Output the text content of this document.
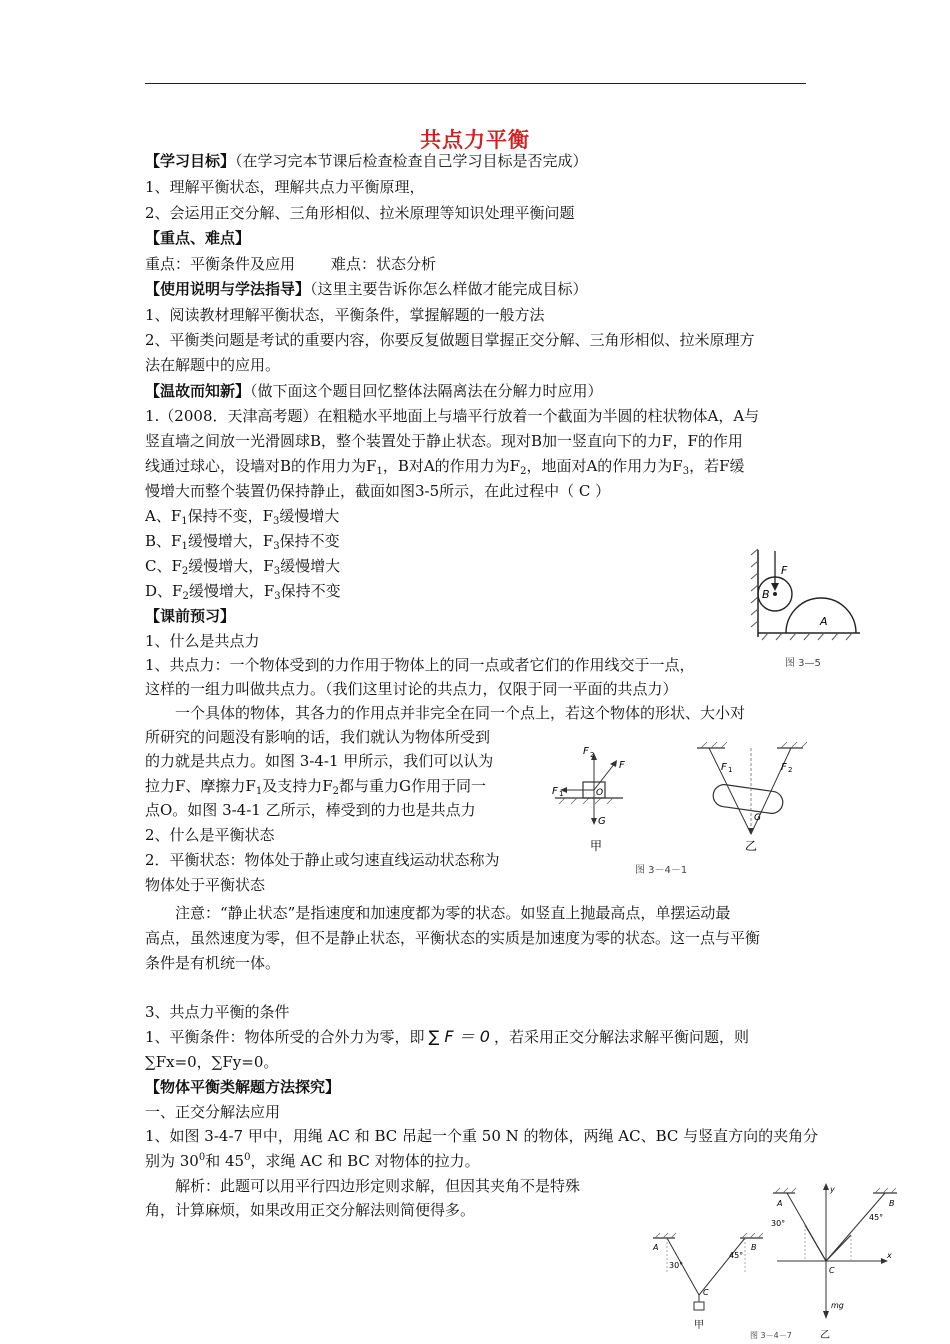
共点力平衡
【学习目标】（在学习完本节课后检查检查自己学习目标是否完成）
1、理解平衡状态，理解共点力平衡原理，
2、会运用正交分解、三角形相似、拉米原理等知识处理平衡问题
【重点、难点】
重点：平衡条件及应用 难点：状态分析
【使用说明与学法指导】（这里主要告诉你怎么样做才能完成目标）
1、阅读教材理解平衡状态，平衡条件，掌握解题的一般方法
2、平衡类问题是考试的重要内容，你要反复做题目掌握正交分解、三角形相似、拉米原理方
法在解题中的应用。
【温故而知新】（做下面这个题目回忆整体法隔离法在分解力时应用）
1.（2008．天津高考题）在粗糙水平地面上与墙平行放着一个截面为半圆的柱状物体A，A与
竖直墙之间放一光滑圆球B，整个装置处于静止状态。现对B加一竖直向下的力F，F的作用
线通过球心，设墙对B的作用力为$F_1$，B对A的作用力为$F_2$，地面对A的作用力为$F_3$，若F缓
慢增大而整个装置仍保持静止，截面如图3-5所示，在此过程中（ C ）
A、$F_1$保持不变，$F_3$缓慢增大
B、$F_1$缓慢增大，$F_3$保持不变
C、$F_2$缓慢增大，$F_3$缓慢增大
D、$F_2$缓慢增大，$F_3$保持不变
F
B
A
图 3—5
【课前预习】
1、什么是共点力
1、共点力：一个物体受到的力作用于物体上的同一点或者它们的作用线交于一点，
这样的一组力叫做共点力。（我们这里讨论的共点力，仅限于同一平面的共点力）
一个具体的物体，其各力的作用点并非完全在同一个点上，若这个物体的形状、大小对
所研究的问题没有影响的话，我们就认为物体所受到
的力就是共点力。如图 3-4-1 甲所示，我们可以认为
拉力F、摩擦力$F_1$及支持力$F_2$都与重力G作用于同一
点O。如图 3-4-1 乙所示，棒受到的力也是共点力
2、什么是平衡状态
2．平衡状态：物体处于静止或匀速直线运动状态称为
物体处于平衡状态
F 2
F
F 1	O
G
甲
F 1	F 2
G
乙
图 3－4－1
注意：“静止状态”是指速度和加速度都为零的状态。如竖直上抛最高点，单摆运动最
高点，虽然速度为零，但不是静止状态，平衡状态的实质是加速度为零的状态。这一点与平衡
条件是有机统一体。
3、共点力平衡的条件
1、平衡条件：物体所受的合外力为零，即 ∑ F ＝ 0 ，若采用正交分解法求解平衡问题，则
∑Fx=0，∑Fy=0。
【物体平衡类解题方法探究】
一、正交分解法应用
1、如图 3-4-7 甲中，用绳 AC 和 BC 吊起一个重 50 N 的物体，两绳 AC、BC 与竖直方向的夹角分
别为 $30^0$和 $45^0$，求绳 AC 和 BC 对物体的拉力。
解析：此题可以用平行四边形定则求解，但因其夹角不是特殊
角，计算麻烦，如果改用正交分解法则简便得多。
A	B
30°
45°
C
甲
y
x
A	B
30°
45°
C
mg
乙
图 3－4－7
